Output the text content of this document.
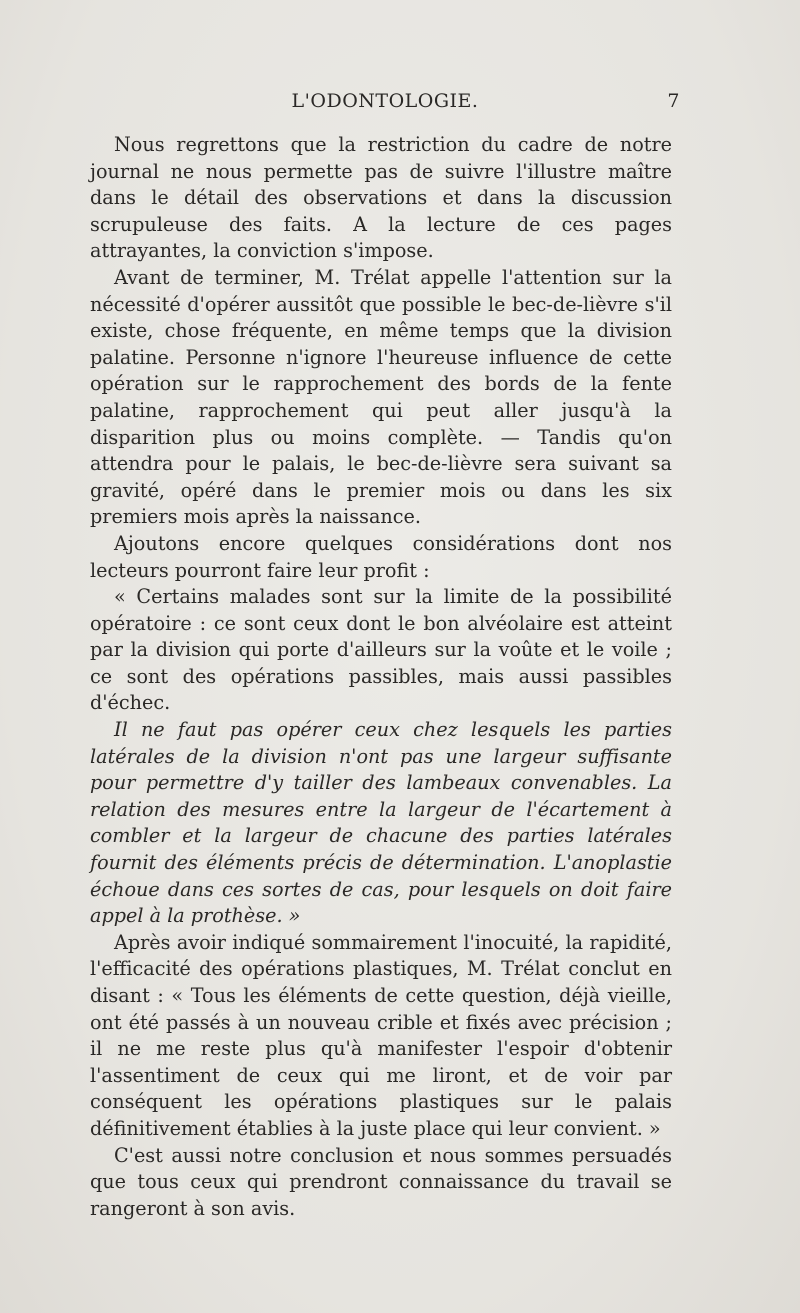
L'ODONTOLOGIE.	7

Nous regrettons que la restriction du cadre de notre journal ne nous permette pas de suivre l'illustre maître dans le détail des observations et dans la discussion scrupuleuse des faits. A la lecture de ces pages attrayantes, la conviction s'impose.

Avant de terminer, M. Trélat appelle l'attention sur la nécessité d'opérer aussitôt que possible le bec-de-lièvre s'il existe, chose fréquente, en même temps que la division palatine. Personne n'ignore l'heureuse influence de cette opération sur le rapprochement des bords de la fente palatine, rapprochement qui peut aller jusqu'à la disparition plus ou moins complète. — Tandis qu'on attendra pour le palais, le bec-de-lièvre sera suivant sa gravité, opéré dans le premier mois ou dans les six premiers mois après la naissance.

Ajoutons encore quelques considérations dont nos lecteurs pourront faire leur profit :

« Certains malades sont sur la limite de la possibilité opératoire : ce sont ceux dont le bon alvéolaire est atteint par la division qui porte d'ailleurs sur la voûte et le voile ; ce sont des opérations passibles, mais aussi passibles d'échec.

Il ne faut pas opérer ceux chez lesquels les parties latérales de la division n'ont pas une largeur suffisante pour permettre d'y tailler des lambeaux convenables. La relation des mesures entre la largeur de l'écartement à combler et la largeur de chacune des parties latérales fournit des éléments précis de détermination. L'anoplastie échoue dans ces sortes de cas, pour lesquels on doit faire appel à la prothèse. »

Après avoir indiqué sommairement l'inocuité, la rapidité, l'efficacité des opérations plastiques, M. Trélat conclut en disant : « Tous les éléments de cette question, déjà vieille, ont été passés à un nouveau crible et fixés avec précision ; il ne me reste plus qu'à manifester l'espoir d'obtenir l'assentiment de ceux qui me liront, et de voir par conséquent les opérations plastiques sur le palais définitivement établies à la juste place qui leur convient. »

C'est aussi notre conclusion et nous sommes persuadés que tous ceux qui prendront connaissance du travail se rangeront à son avis.
